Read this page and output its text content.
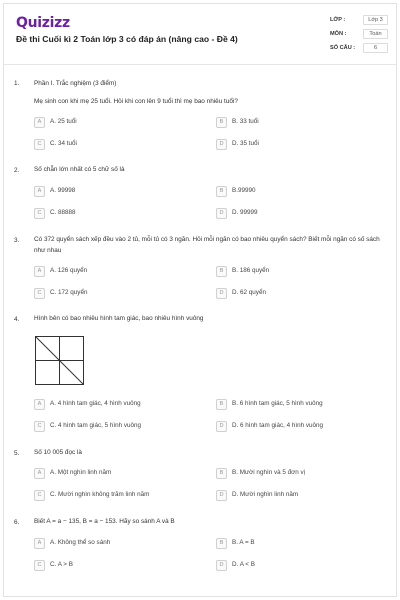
Quizizz
Đề thi Cuối kì 2 Toán lớp 3 có đáp án (nâng cao - Đề 4)
LỚP :	Lớp 3
MÔN :	Toán
SỐ CÂU :	6
1. Phần I. Trắc nghiệm (3 điểm)
Mẹ sinh con khi mẹ 25 tuổi. Hỏi khi con lên 9 tuổi thì mẹ bao nhiêu tuổi?
A	A. 25 tuổi	B	B. 33 tuổi
C	C. 34 tuổi	D	D. 35 tuổi
2. Số chẵn lớn nhất có 5 chữ số là
A	A. 99998	B	B.99990
C	C. 88888	D	D. 99999
3. Có 372 quyển sách xếp đều vào 2 tủ, mỗi tủ có 3 ngăn. Hỏi mỗi ngăn có bao nhiêu quyển sách? Biết mỗi ngăn có số sách như nhau
A	A. 126 quyển	B	B. 186 quyển
C	C. 172 quyển	D	D. 62 quyển
4. Hình bên có bao nhiêu hình tam giác, bao nhiêu hình vuông
A	A. 4 hình tam giác, 4 hình vuông	B	B. 6 hình tam giác, 5 hình vuông
C	C. 4 hình tam giác, 5 hình vuông	D	D. 6 hình tam giác, 4 hình vuông
5. Số 10 005 đọc là
A	A. Một nghìn linh năm	B	B. Mười nghìn và 5 đơn vị
C	C. Mười nghìn không trăm linh năm	D	D. Mười nghìn linh năm
6. Biết A = a − 135, B = a − 153. Hãy so sánh A và B
A	A. Không thể so sánh	B	B. A = B
C	C. A > B	D	D. A < B
